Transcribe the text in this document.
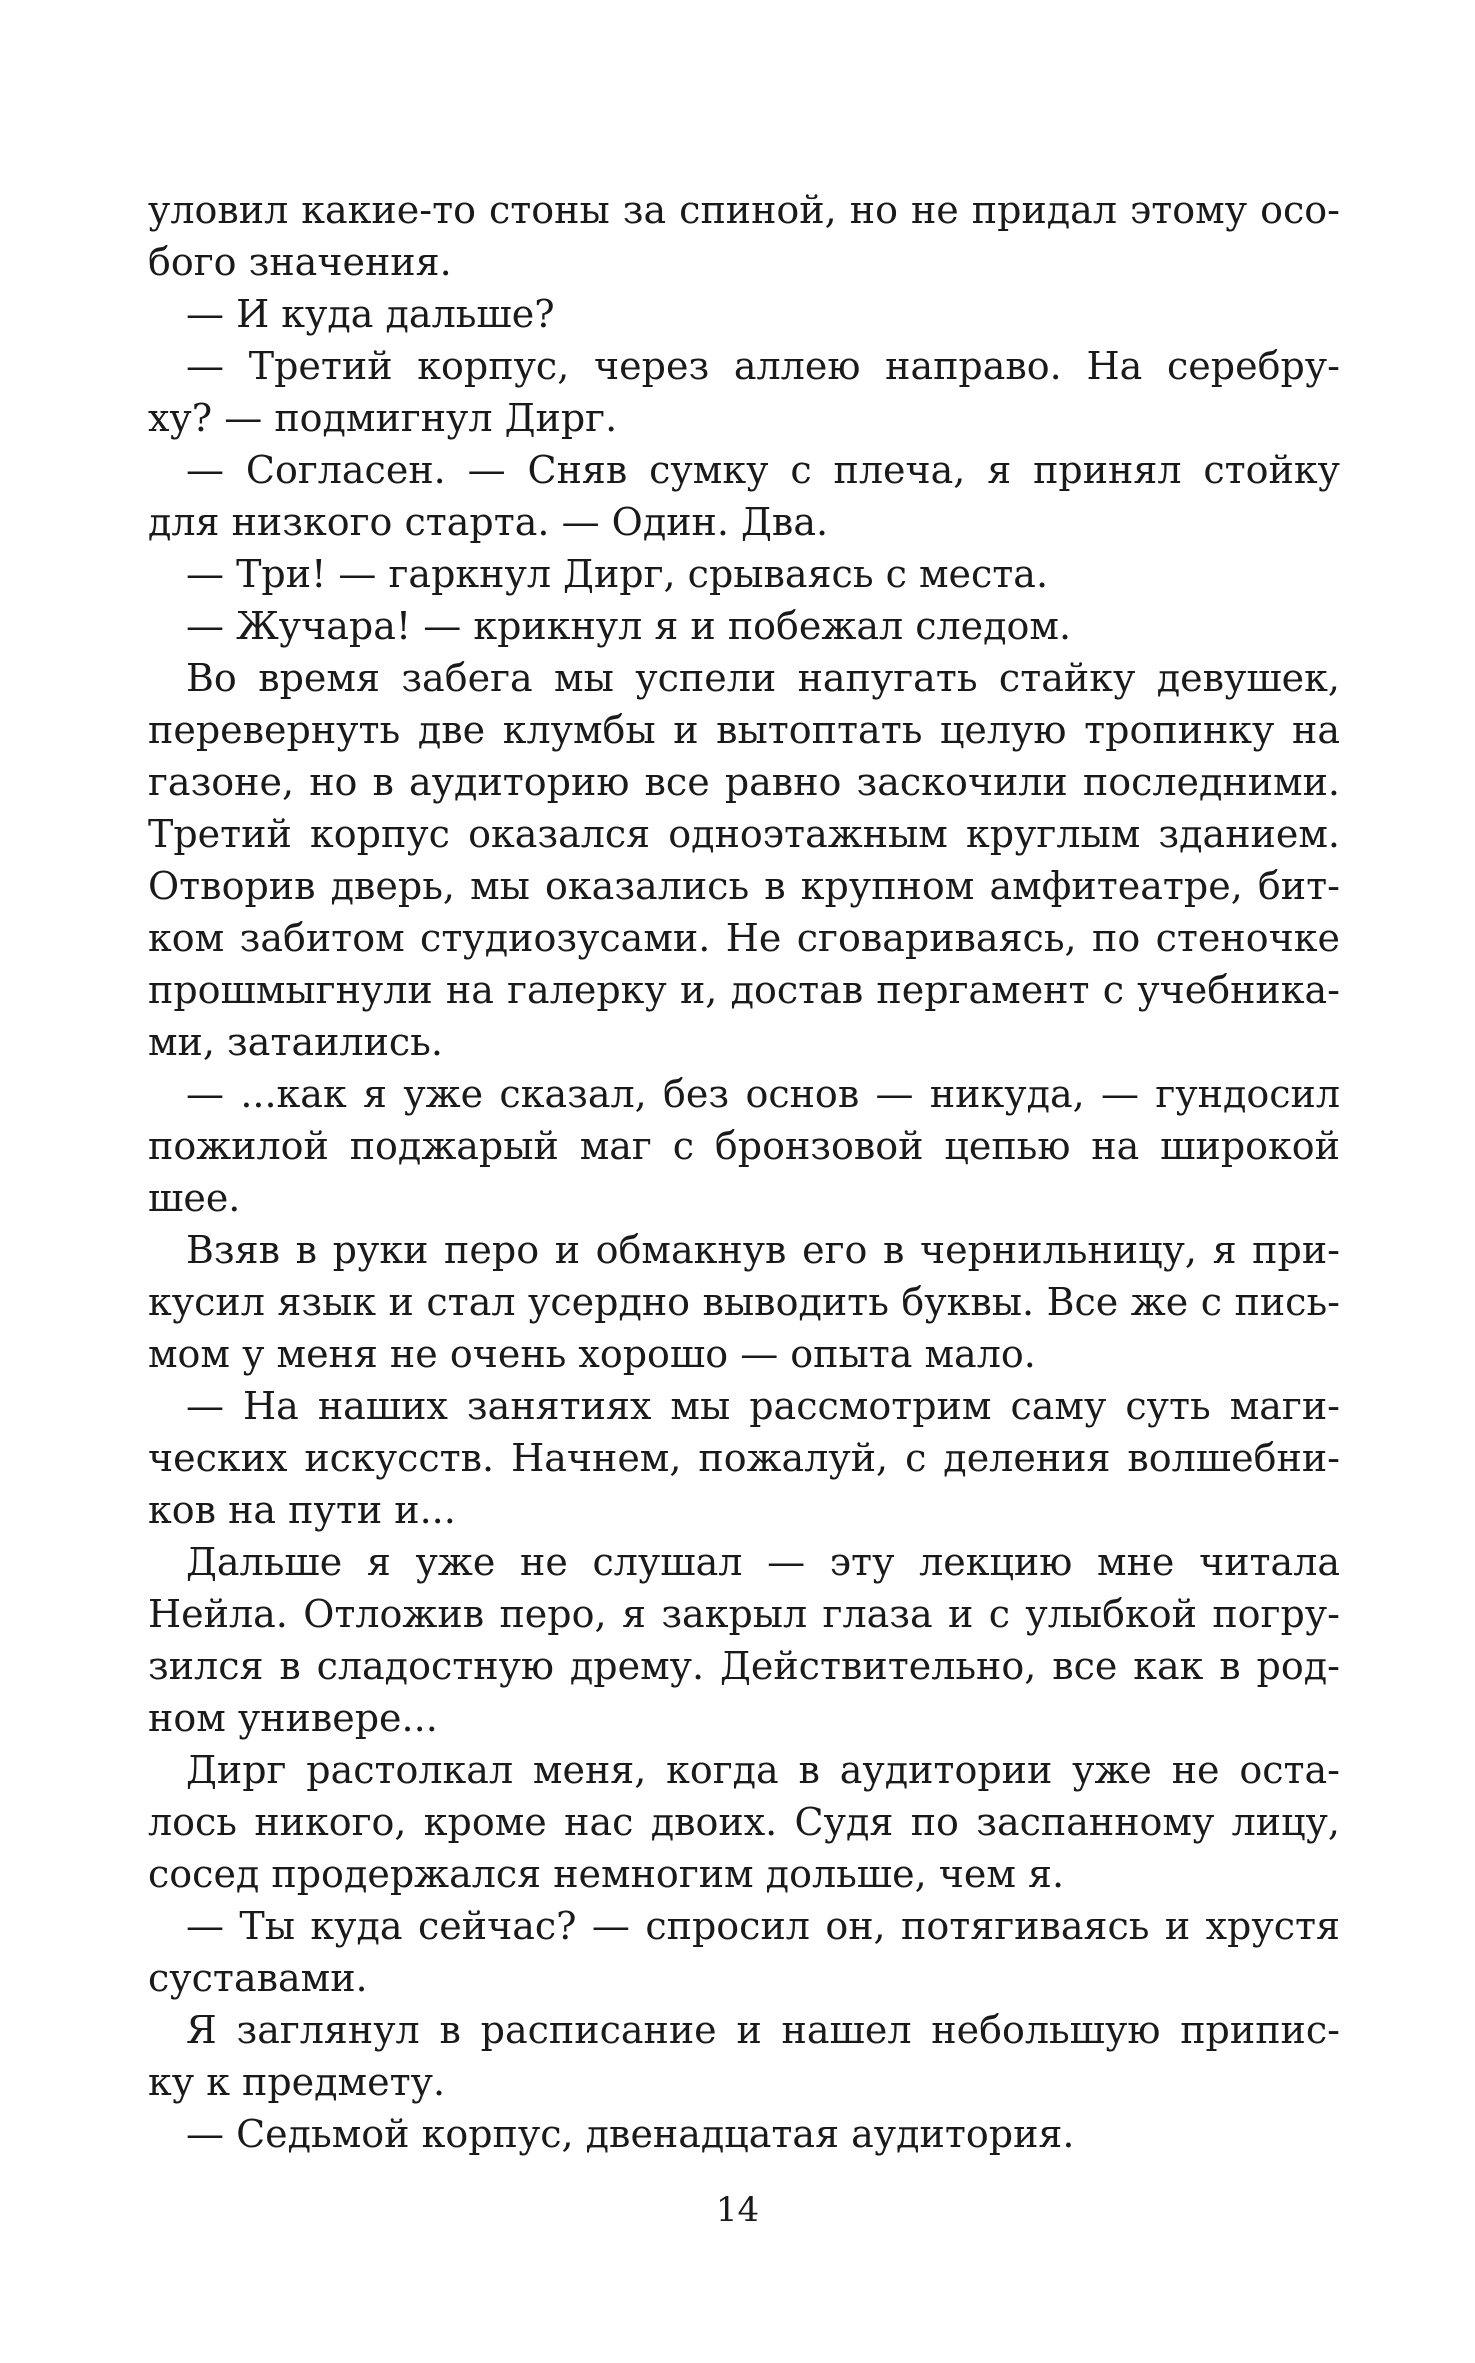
уловил какие-то стоны за спиной, но не придал этому осо-
бого значения.
— И куда дальше?
— Третий корпус, через аллею направо. На серебру-
ху? — подмигнул Дирг.
— Согласен. — Сняв сумку с плеча, я принял стойку
для низкого старта. — Один. Два.
— Три! — гаркнул Дирг, срываясь с места.
— Жучара! — крикнул я и побежал следом.
Во время забега мы успели напугать стайку девушек,
перевернуть две клумбы и вытоптать целую тропинку на
газоне, но в аудиторию все равно заскочили последними.
Третий корпус оказался одноэтажным круглым зданием.
Отворив дверь, мы оказались в крупном амфитеатре, бит-
ком забитом студиозусами. Не сговариваясь, по стеночке
прошмыгнули на галерку и, достав пергамент с учебника-
ми, затаились.
— ...как я уже сказал, без основ — никуда, — гундосил
пожилой поджарый маг с бронзовой цепью на широкой
шее.
Взяв в руки перо и обмакнув его в чернильницу, я при-
кусил язык и стал усердно выводить буквы. Все же с пись-
мом у меня не очень хорошо — опыта мало.
— На наших занятиях мы рассмотрим саму суть маги-
ческих искусств. Начнем, пожалуй, с деления волшебни-
ков на пути и...
Дальше я уже не слушал — эту лекцию мне читала
Нейла. Отложив перо, я закрыл глаза и с улыбкой погру-
зился в сладостную дрему. Действительно, все как в род-
ном универе...
Дирг растолкал меня, когда в аудитории уже не оста-
лось никого, кроме нас двоих. Судя по заспанному лицу,
сосед продержался немногим дольше, чем я.
— Ты куда сейчас? — спросил он, потягиваясь и хрустя
суставами.
Я заглянул в расписание и нашел небольшую припис-
ку к предмету.
— Седьмой корпус, двенадцатая аудитория.
14
